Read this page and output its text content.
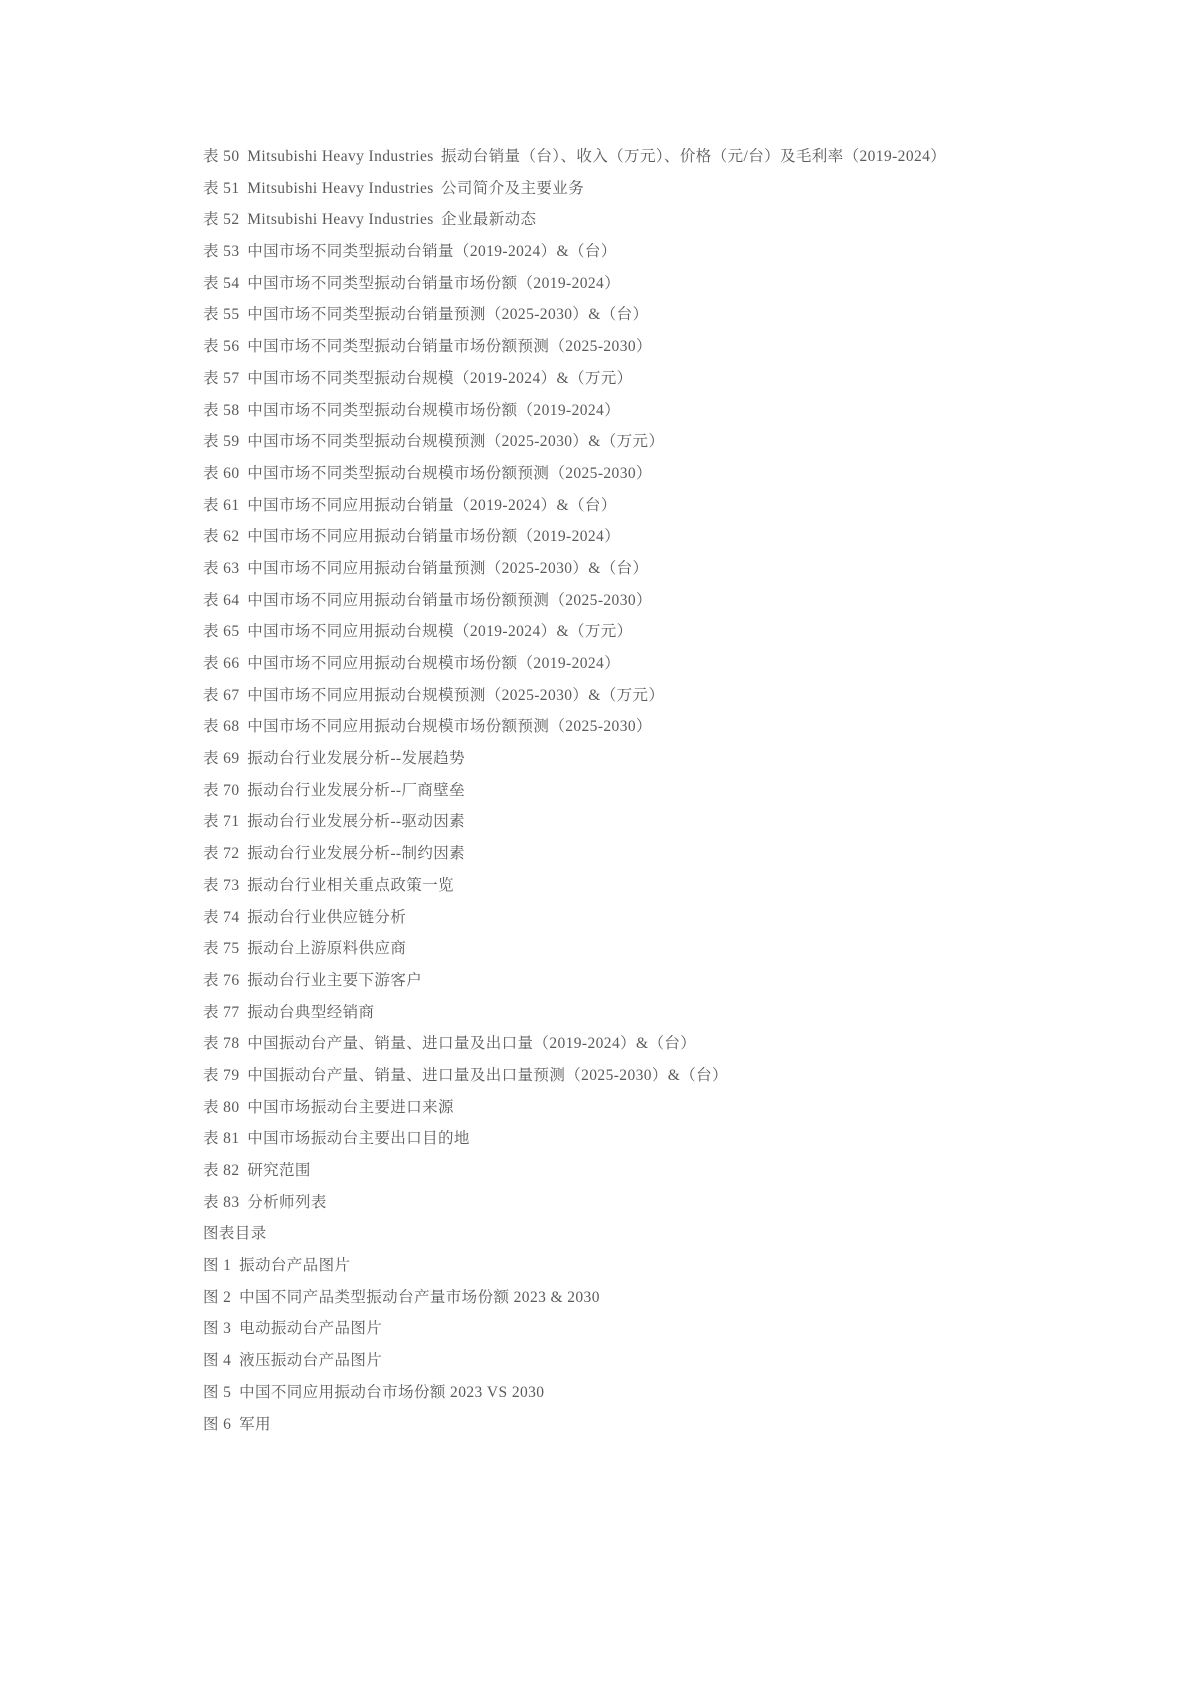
表 50 Mitsubishi Heavy Industries 振动台销量（台）、收入（万元）、价格（元/台）及毛利率（2019-2024）
表 51 Mitsubishi Heavy Industries 公司简介及主要业务
表 52 Mitsubishi Heavy Industries 企业最新动态
表 53 中国市场不同类型振动台销量（2019-2024）&（台）
表 54 中国市场不同类型振动台销量市场份额（2019-2024）
表 55 中国市场不同类型振动台销量预测（2025-2030）&（台）
表 56 中国市场不同类型振动台销量市场份额预测（2025-2030）
表 57 中国市场不同类型振动台规模（2019-2024）&（万元）
表 58 中国市场不同类型振动台规模市场份额（2019-2024）
表 59 中国市场不同类型振动台规模预测（2025-2030）&（万元）
表 60 中国市场不同类型振动台规模市场份额预测（2025-2030）
表 61 中国市场不同应用振动台销量（2019-2024）&（台）
表 62 中国市场不同应用振动台销量市场份额（2019-2024）
表 63 中国市场不同应用振动台销量预测（2025-2030）&（台）
表 64 中国市场不同应用振动台销量市场份额预测（2025-2030）
表 65 中国市场不同应用振动台规模（2019-2024）&（万元）
表 66 中国市场不同应用振动台规模市场份额（2019-2024）
表 67 中国市场不同应用振动台规模预测（2025-2030）&（万元）
表 68 中国市场不同应用振动台规模市场份额预测（2025-2030）
表 69 振动台行业发展分析--发展趋势
表 70 振动台行业发展分析--厂商壁垒
表 71 振动台行业发展分析--驱动因素
表 72 振动台行业发展分析--制约因素
表 73 振动台行业相关重点政策一览
表 74 振动台行业供应链分析
表 75 振动台上游原料供应商
表 76 振动台行业主要下游客户
表 77 振动台典型经销商
表 78 中国振动台产量、销量、进口量及出口量（2019-2024）&（台）
表 79 中国振动台产量、销量、进口量及出口量预测（2025-2030）&（台）
表 80 中国市场振动台主要进口来源
表 81 中国市场振动台主要出口目的地
表 82 研究范围
表 83 分析师列表
图表目录
图 1 振动台产品图片
图 2 中国不同产品类型振动台产量市场份额 2023 & 2030
图 3 电动振动台产品图片
图 4 液压振动台产品图片
图 5 中国不同应用振动台市场份额 2023 VS 2030
图 6 军用
